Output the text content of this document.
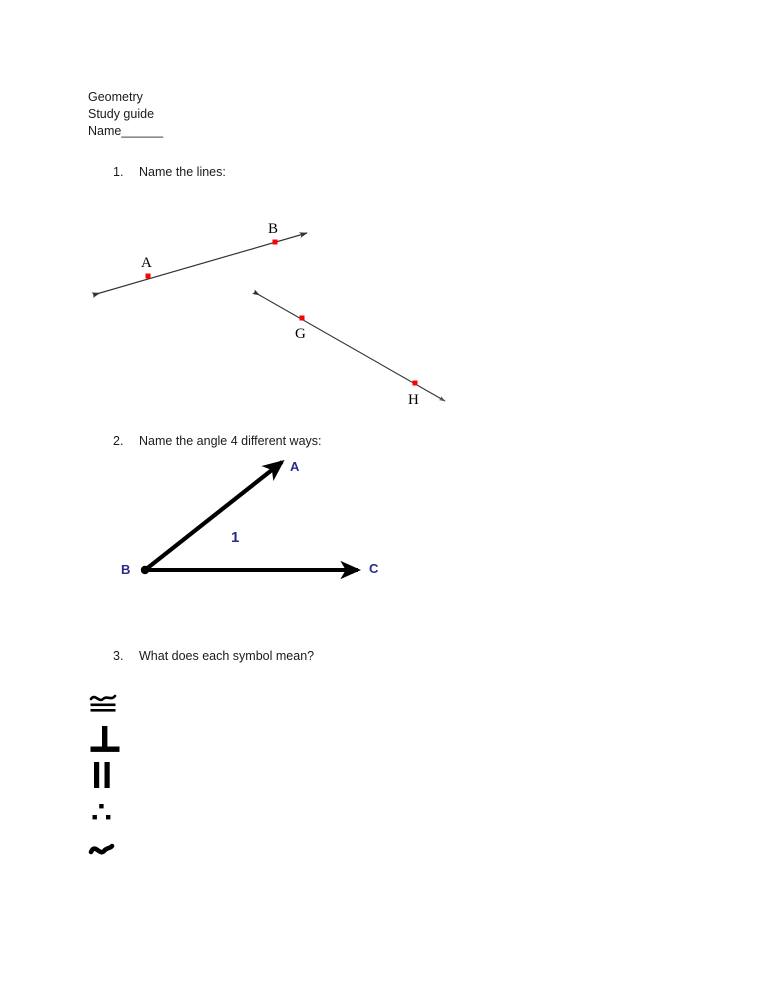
Geometry
Study guide
Name______
1. Name the lines:
A
B
G
H
2. Name the angle 4 different ways:
A
B	C
1
3. What does each symbol mean?
